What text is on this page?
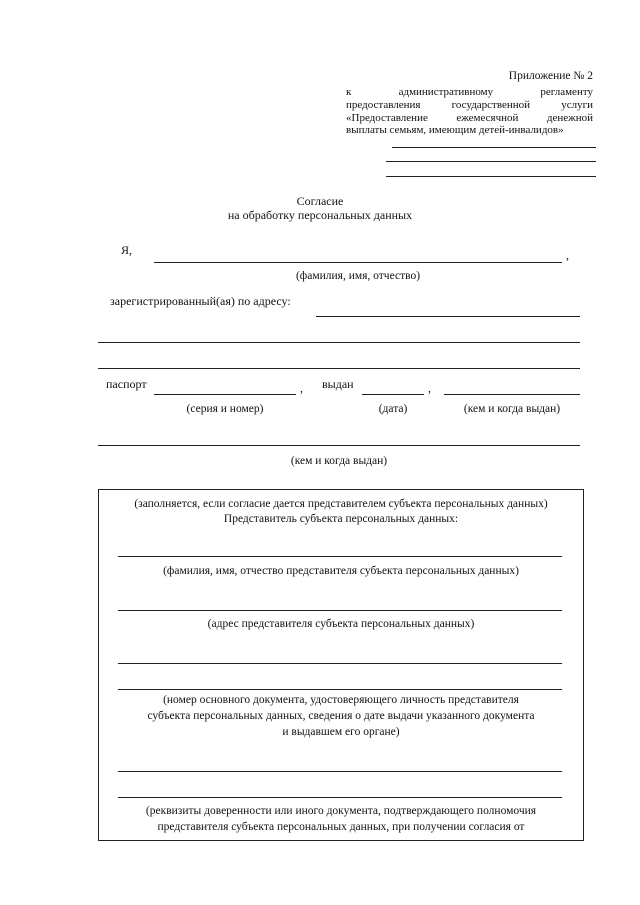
Приложение № 2
к	административному	регламенту
предоставления	государственной	услуги
«Предоставление	ежемесячной	денежной
выплаты семьям, имеющим детей-инвалидов»
Согласие
на обработку персональных данных
Я,	,
(фамилия, имя, отчество)
зарегистрированный(ая) по адресу:
паспорт	, выдан	,
(серия и номер)	(дата)	(кем и когда выдан)
(кем и когда выдан)
(заполняется, если согласие дается представителем субъекта персональных данных)
Представитель субъекта персональных данных:
(фамилия, имя, отчество представителя субъекта персональных данных)
(адрес представителя субъекта персональных данных)
(номер основного документа, удостоверяющего личность представителя
субъекта персональных данных, сведения о дате выдачи указанного документа
и выдавшем его органе)
(реквизиты доверенности или иного документа, подтверждающего полномочия
представителя субъекта персональных данных, при получении согласия от
